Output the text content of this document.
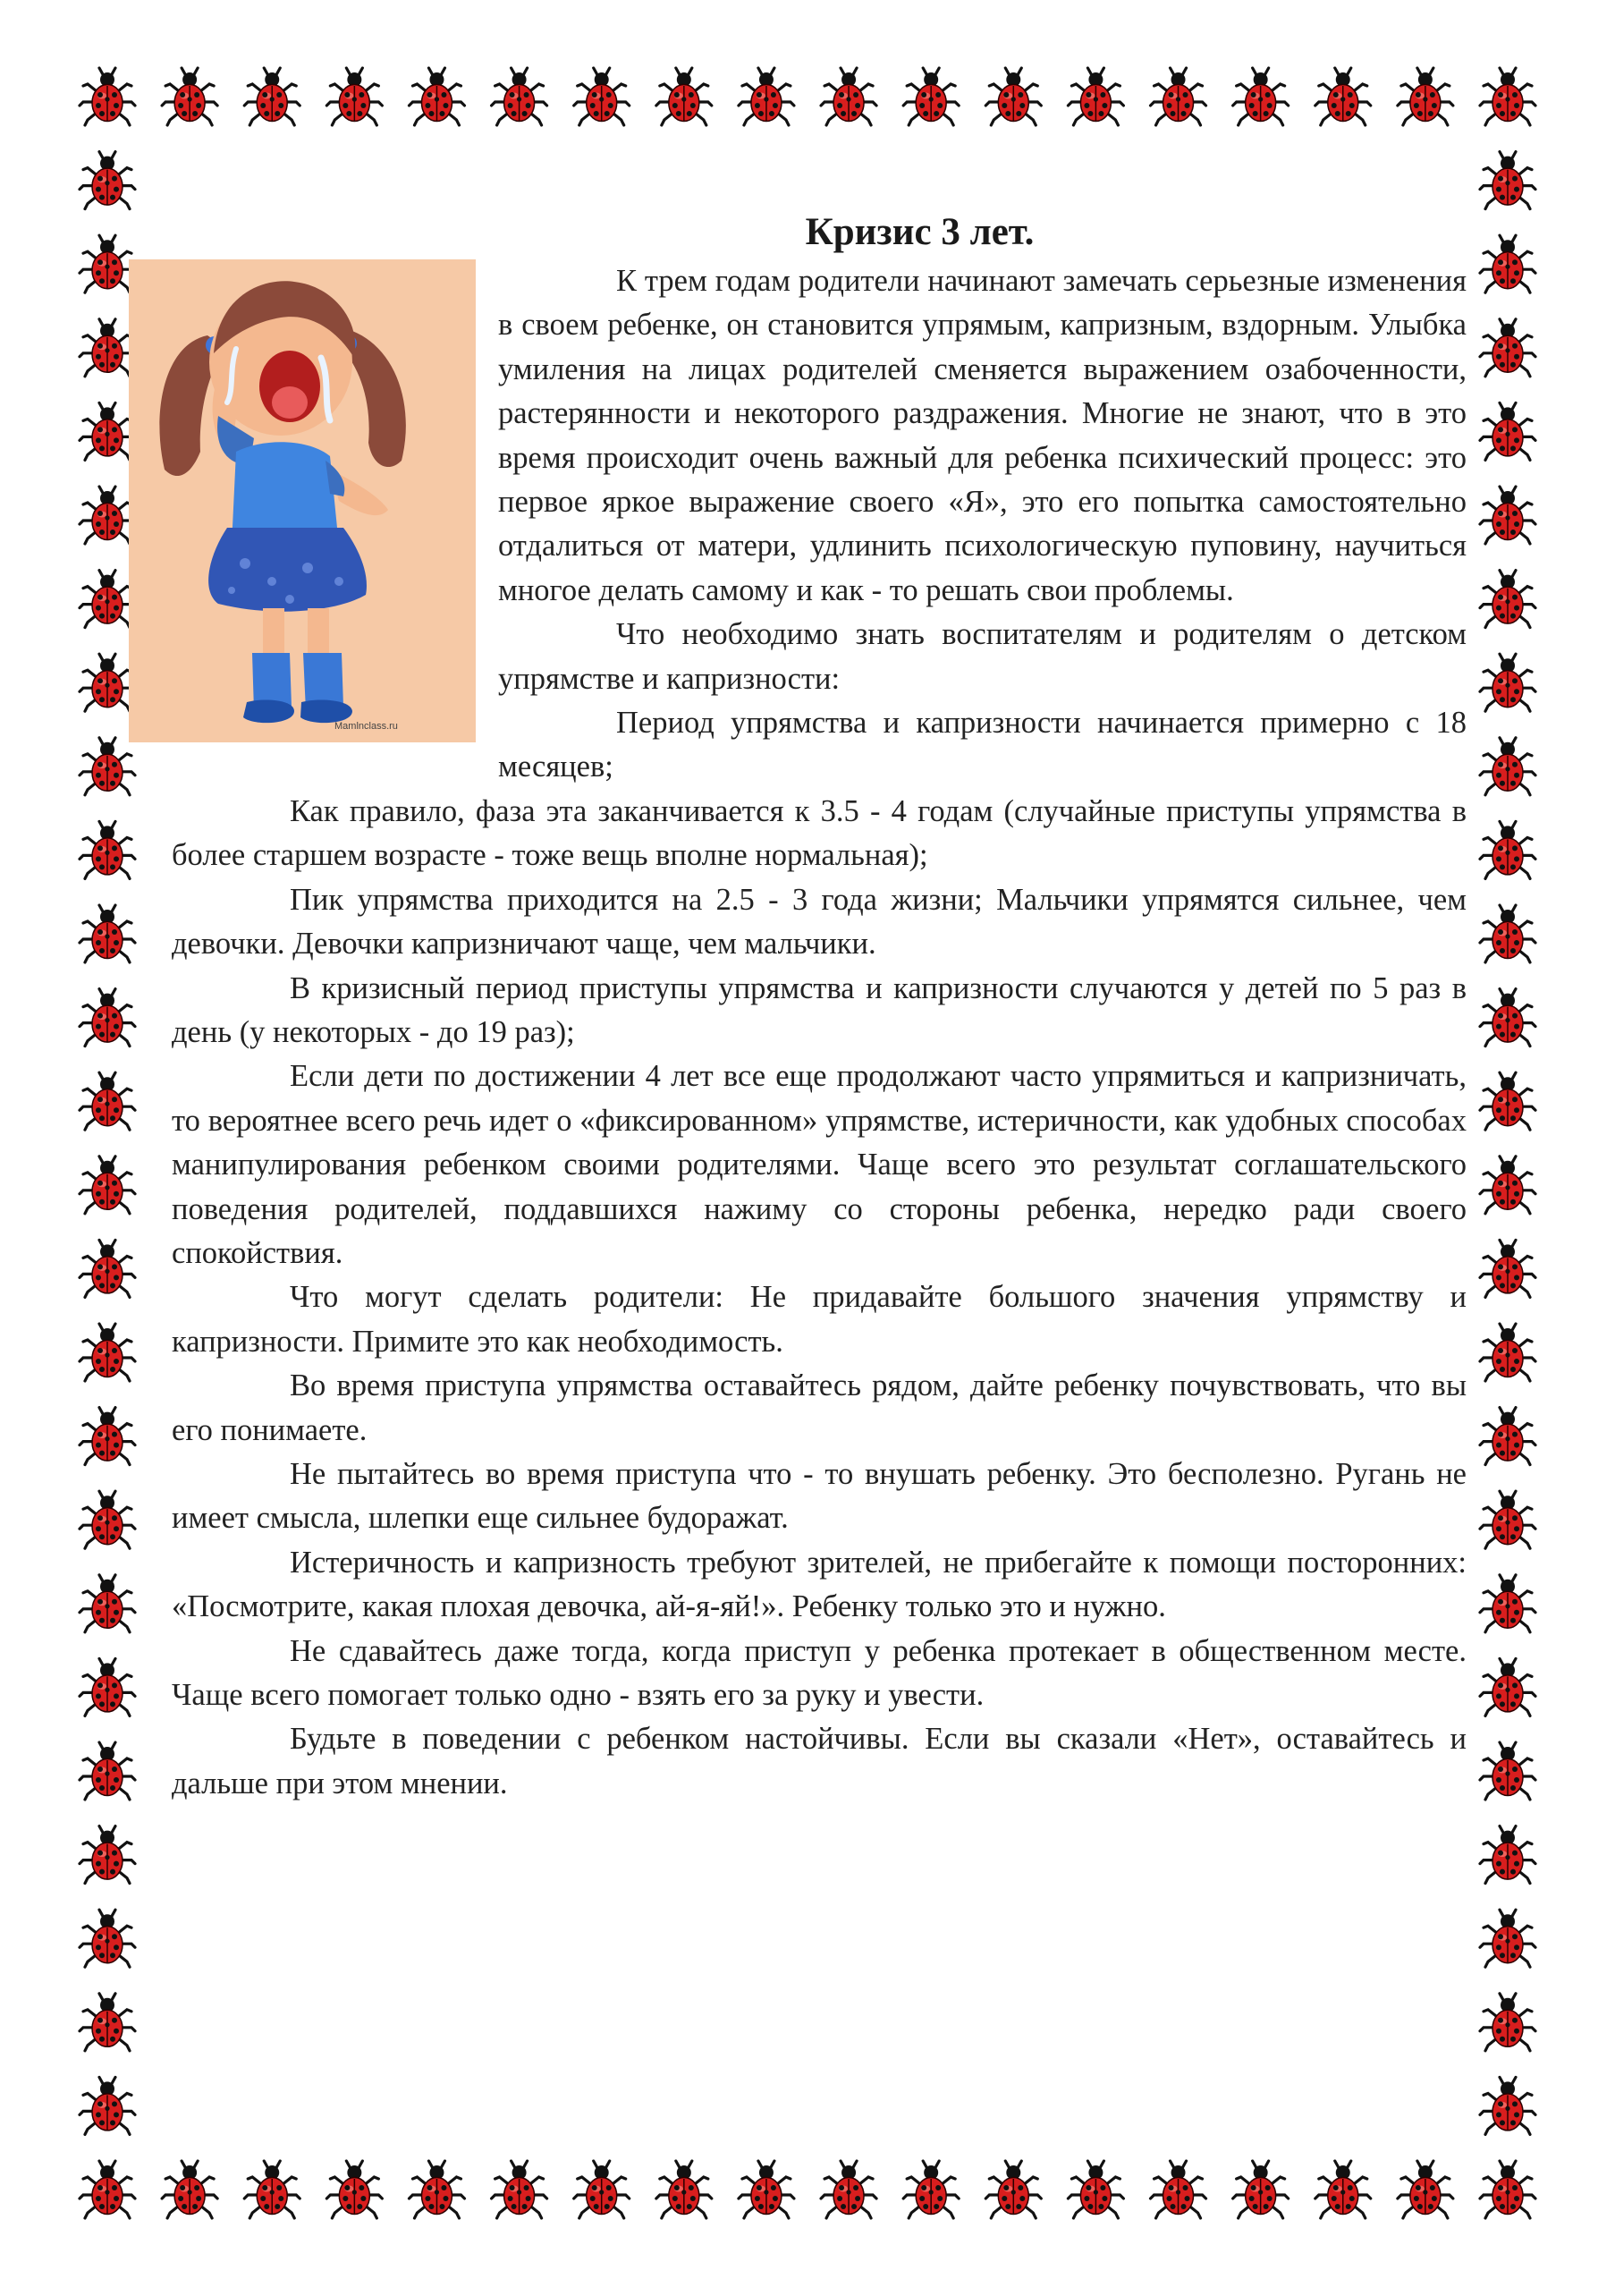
Кризис 3 лет.
Mamlnclass.ru

К трем годам родители начинают замечать серьезные изменения в своем ребенке, он становится упрямым, капризным, вздорным. Улыбка умиления на лицах родителей сменяется выражением озабоченности, растерянности и некоторого раздражения. Многие не знают, что в это время происходит очень важный для ребенка психический процесс: это первое яркое выражение своего «Я», это его попытка самостоятельно отдалиться от матери, удлинить психологическую пуповину, научиться многое делать самому и как - то решать свои проблемы.

Что необходимо знать воспитателям и родителям о детском упрямстве и капризности:

Период упрямства и капризности начинается примерно с 18 месяцев;

Как правило, фаза эта заканчивается к 3.5 - 4 годам (случайные приступы упрямства в более старшем возрасте - тоже вещь вполне нормальная);

Пик упрямства приходится на 2.5 - 3 года жизни; Мальчики упрямятся сильнее, чем девочки. Девочки капризничают чаще, чем мальчики.

В кризисный период приступы упрямства и капризности случаются у детей по 5 раз в день (у некоторых - до 19 раз);

Если дети по достижении 4 лет все еще продолжают часто упрямиться и капризничать, то вероятнее всего речь идет о «фиксированном» упрямстве, истеричности, как удобных способах манипулирования ребенком своими родителями. Чаще всего это результат соглашательского поведения родителей, поддавшихся нажиму со стороны ребенка, нередко ради своего спокойствия.

Что могут сделать родители: Не придавайте большого значения упрямству и капризности. Примите это как необходимость.

Во время приступа упрямства оставайтесь рядом, дайте ребенку почувствовать, что вы его понимаете.

Не пытайтесь во время приступа что - то внушать ребенку. Это бесполезно. Ругань не имеет смысла, шлепки еще сильнее будоражат.

Истеричность и капризность требуют зрителей, не прибегайте к помощи посторонних: «Посмотрите, какая плохая девочка, ай-я-яй!». Ребенку только это и нужно.

Не сдавайтесь даже тогда, когда приступ у ребенка протекает в общественном месте. Чаще всего помогает только одно - взять его за руку и увести.

Будьте в поведении с ребенком настойчивы. Если вы сказали «Нет», оставайтесь и дальше при этом мнении.
